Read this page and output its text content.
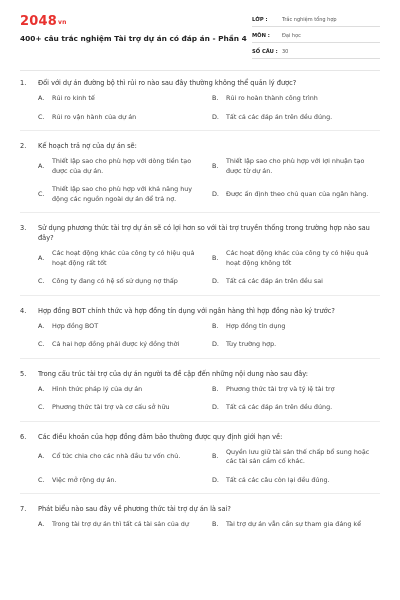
2048vn
400+ câu trắc nghiệm Tài trợ dự án có đáp án - Phần 4
LỚP :	Trắc nghiệm tổng hợp
MÔN :	Đại học
SỐ CÂU : 30
1.	Đối với dự án đường bộ thì rủi ro nào sau đây thường không thể quản lý được?
A.	Rủi ro kinh tế	B.	Rủi ro hoàn thành công trình
C.	Rủi ro vận hành của dự án	D.	Tất cả các đáp án trên đều đúng.
2.	Kế hoạch trả nợ của dự án sẽ:
A.
Thiết lập sao cho phù hợp với dòng tiền tạo được của dự án.
B.
Thiết lập sao cho phù hợp với lợi nhuận tạo được từ dự án.
C.
Thiết lập sao cho phù hợp với khả năng huy động các nguồn ngoài dự án để trả nợ.
D.	Được ấn định theo chủ quan của ngân hàng.
3.	Sử dụng phương thức tài trợ dự án sẽ có lợi hơn so với tài trợ truyền thống trong trường hợp nào sau đây?
A.
Các hoạt động khác của công ty có hiệu quả hoạt động rất tốt
B.
Các hoạt động khác của công ty có hiệu quả hoạt động không tốt
C.	Công ty đang có hệ số sử dụng nợ thấp	D.	Tất cả các đáp án trên đều sai
4.	Hợp đồng BOT chính thức và hợp đồng tín dụng với ngân hàng thì hợp đồng nào ký trước?
A.	Hợp đồng BOT	B.	Hợp đồng tín dụng
C.	Cả hai hợp đồng phải được ký đồng thời	D.	Tùy trường hợp.
5.	Trong cấu trúc tài trợ của dự án người ta đề cập đến những nội dung nào sau đây:
A.	Hình thức pháp lý của dự án	B.	Phương thức tài trợ và tỷ lệ tài trợ
C.	Phương thức tài trợ và cơ cấu sở hữu	D.	Tất cả các đáp án trên đều đúng.
6.	Các điều khoản của hợp đồng đảm bảo thường được quy định giới hạn về:
A.	Cổ tức chia cho các nhà đầu tư vốn chủ.	B.
Quyền lưu giữ tài sản thế chấp bổ sung hoặc các tài sản cầm cố khác.
C.	Việc mở rộng dự án.	D.	Tất cả các câu còn lại đều đúng.
7.	Phát biểu nào sau đây về phương thức tài trợ dự án là sai?
A.	Trong tài trợ dự án thì tất cả tài sản của dự	B.	Tài trợ dự án vẫn cần sự tham gia đáng kể
